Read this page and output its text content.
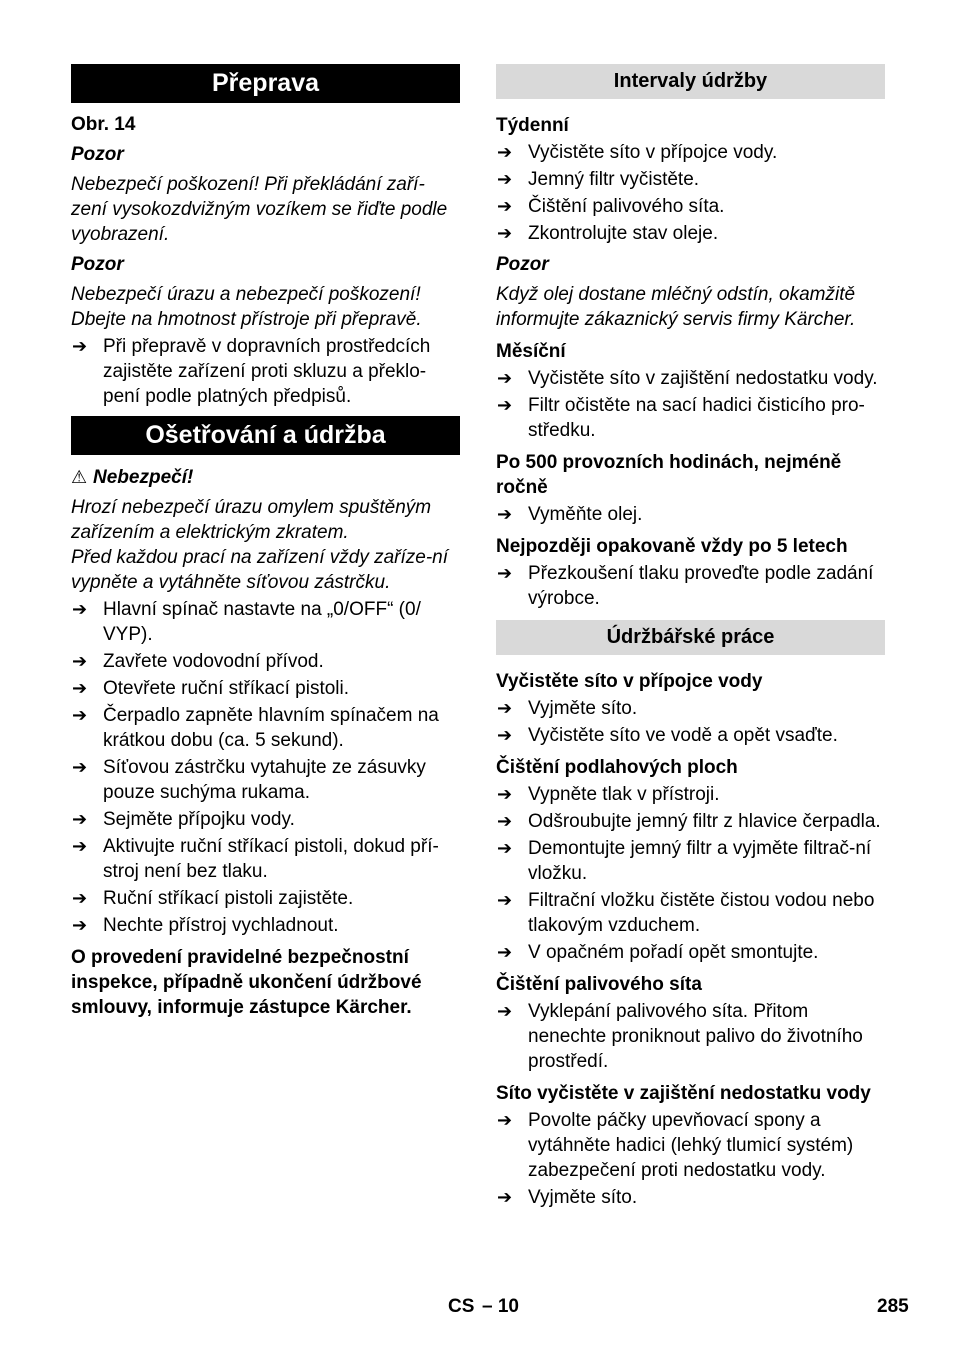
Přeprava

Obr. 14

Pozor

Nebezpečí poškození! Při překládání zaří-zení vysokozdvižným vozíkem se řiďte podle vyobrazení.

Pozor

Nebezpečí úrazu a nebezpečí poškození! Dbejte na hmotnost přístroje při přepravě.

➔ Při přepravě v dopravních prostředcích zajistěte zařízení proti skluzu a překlo-pení podle platných předpisů.
Ošetřování a údržba

⚠ Nebezpečí!

Hrozí nebezpečí úrazu omylem spuštěným zařízením a elektrickým zkratem.

Před každou prací na zařízení vždy zaříze-ní vypněte a vytáhněte síťovou zástrčku.

➔ Hlavní spínač nastavte na „0/OFF“ (0/ VYP).
➔ Zavřete vodovodní přívod.
➔ Otevřete ruční stříkací pistoli.
➔ Čerpadlo zapněte hlavním spínačem na krátkou dobu (ca. 5 sekund).
➔ Síťovou zástrčku vytahujte ze zásuvky pouze suchýma rukama.
➔ Sejměte přípojku vody.
➔ Aktivujte ruční stříkací pistoli, dokud pří-stroj není bez tlaku.
➔ Ruční stříkací pistoli zajistěte.
➔ Nechte přístroj vychladnout.

O provedení pravidelné bezpečnostní inspekce, případně ukončení údržbové smlouvy, informuje zástupce Kärcher.

Intervaly údržby

Týdenní

➔ Vyčistěte síto v přípojce vody.
➔ Jemný filtr vyčistěte.
➔ Čištění palivového síta.
➔ Zkontrolujte stav oleje.

Pozor

Když olej dostane mléčný odstín, okamžitě informujte zákaznický servis firmy Kärcher.

Měsíční

➔ Vyčistěte síto v zajištění nedostatku vody.
➔ Filtr očistěte na sací hadici čisticího pro-středku.

Po 500 provozních hodinách, nejméně ročně

➔ Vyměňte olej.

Nejpozději opakovaně vždy po 5 letech

➔ Přezkoušení tlaku proveďte podle zadání výrobce.
Údržbářské práce

Vyčistěte síto v přípojce vody

➔ Vyjměte síto.
➔ Vyčistěte síto ve vodě a opět vsaďte.

Čištění podlahových ploch

➔ Vypněte tlak v přístroji.
➔ Odšroubujte jemný filtr z hlavice čerpadla.
➔ Demontujte jemný filtr a vyjměte filtrač-ní vložku.
➔ Filtrační vložku čistěte čistou vodou nebo tlakovým vzduchem.
➔ V opačném pořadí opět smontujte.

Čištění palivového síta

➔ Vyklepání palivového síta. Přitom nenechte proniknout palivo do životního prostředí.

Síto vyčistěte v zajištění nedostatku vody

➔ Povolte páčky upevňovací spony a vytáhněte hadici (lehký tlumicí systém) zabezpečení proti nedostatku vody.
➔ Vyjměte síto.
CS – 10	285
